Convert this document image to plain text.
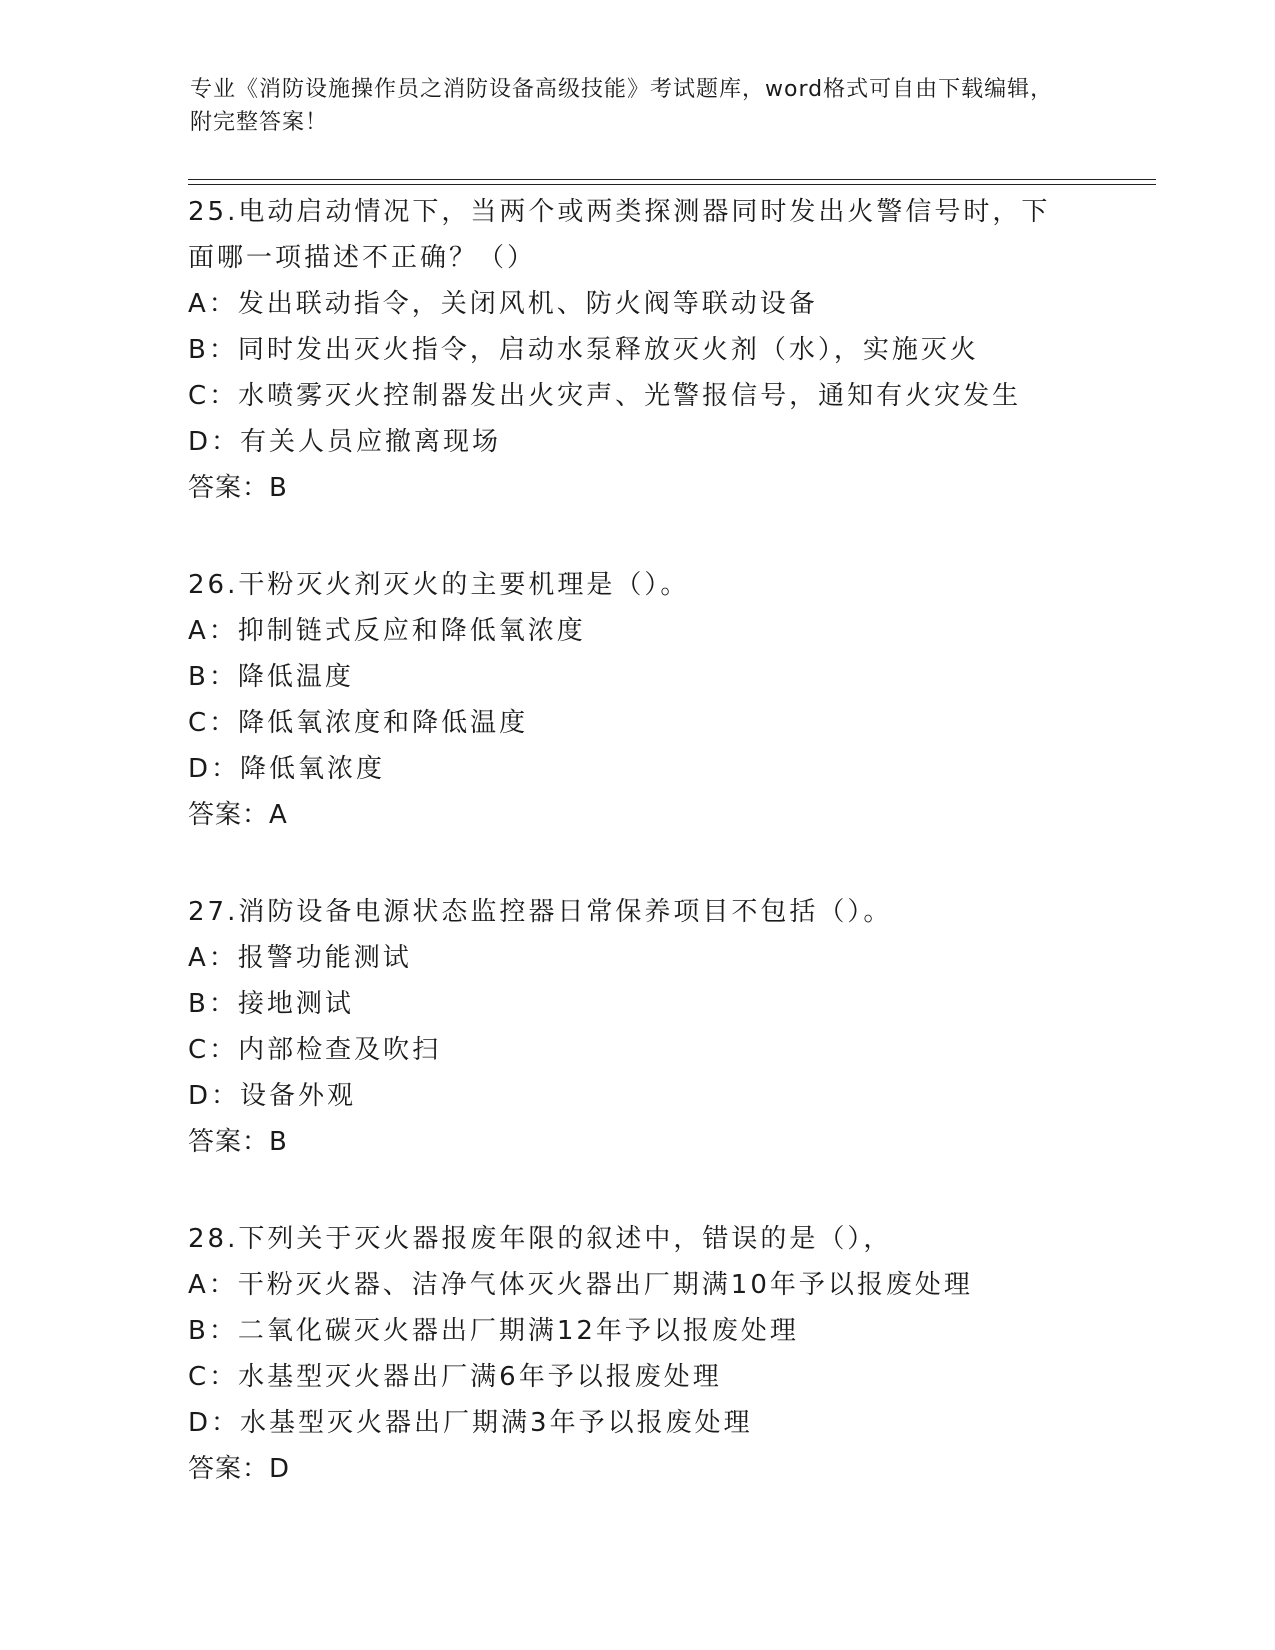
专业《消防设施操作员之消防设备高级技能》考试题库，word格式可自由下载编辑，附完整答案！
25.电动启动情况下，当两个或两类探测器同时发出火警信号时，下面哪一项描述不正确？（）
A：发出联动指令，关闭风机、防火阀等联动设备
B：同时发出灭火指令，启动水泵释放灭火剂（水），实施灭火
C：水喷雾灭火控制器发出火灾声、光警报信号，通知有火灾发生
D：有关人员应撤离现场
答案：B
26.干粉灭火剂灭火的主要机理是（）。
A：抑制链式反应和降低氧浓度
B：降低温度
C：降低氧浓度和降低温度
D：降低氧浓度
答案：A
27.消防设备电源状态监控器日常保养项目不包括（）。
A：报警功能测试
B：接地测试
C：内部检查及吹扫
D：设备外观
答案：B
28.下列关于灭火器报废年限的叙述中，错误的是（），
A：干粉灭火器、洁净气体灭火器出厂期满10年予以报废处理
B：二氧化碳灭火器出厂期满12年予以报废处理
C：水基型灭火器出厂满6年予以报废处理
D：水基型灭火器出厂期满3年予以报废处理
答案：D
